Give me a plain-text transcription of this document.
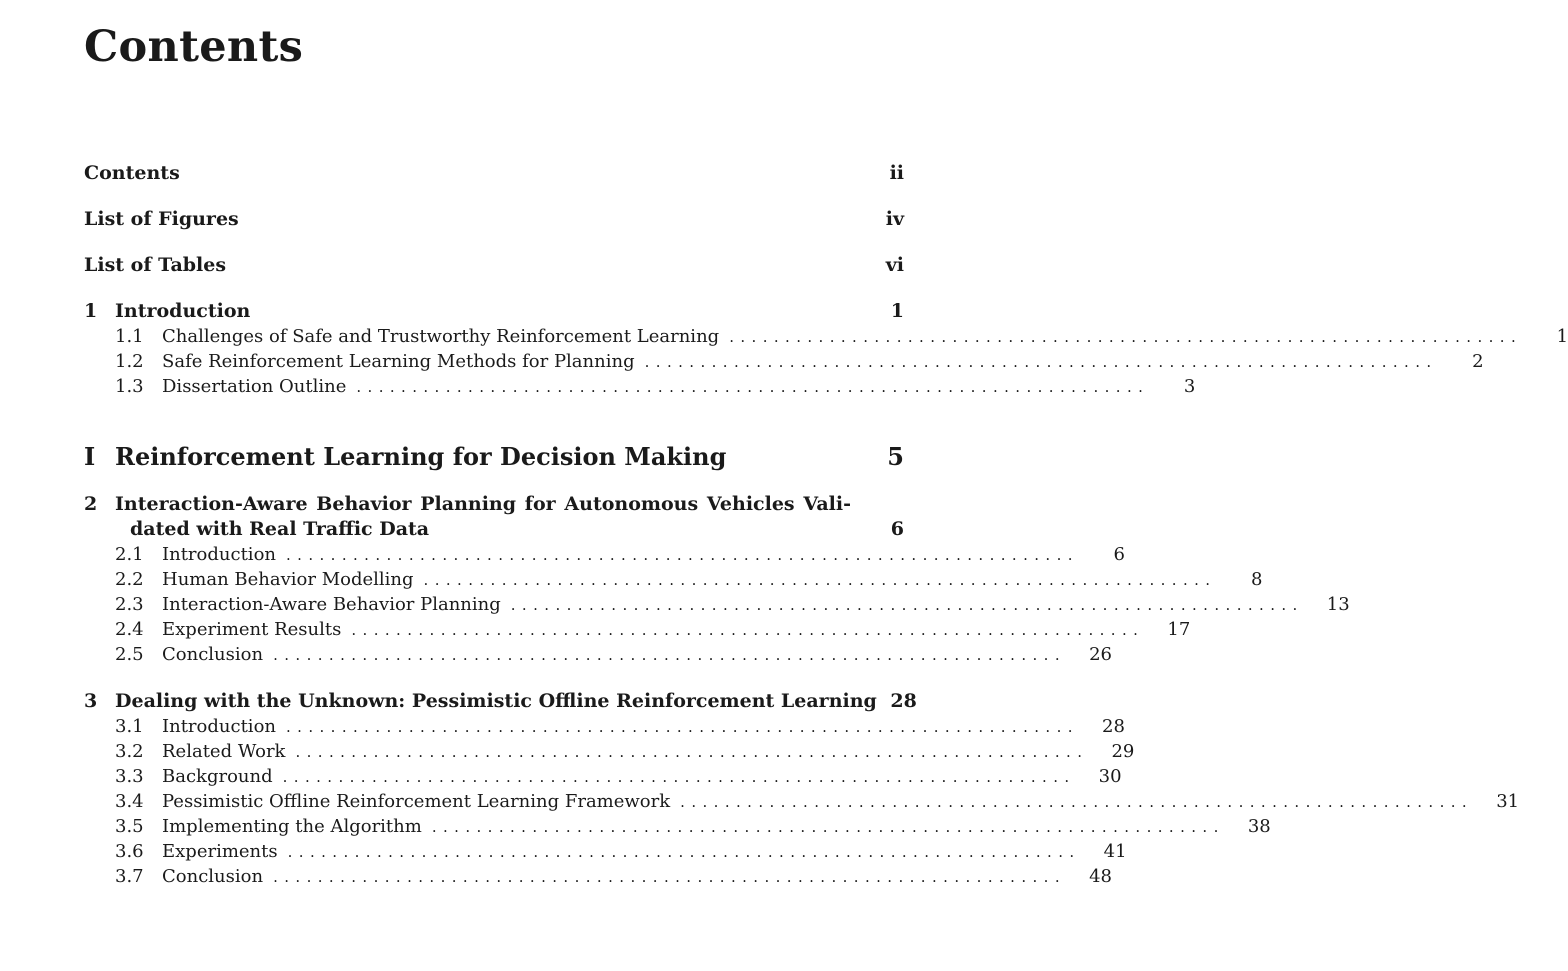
Contents
Contents	ii
List of Figures	iv
List of Tables	vi
1 Introduction	1
1.1	Challenges of Safe and Trustworthy Reinforcement Learning .......................................................................	1
1.2	Safe Reinforcement Learning Methods for Planning .......................................................................	2
1.3	Dissertation Outline .......................................................................	3
I Reinforcement Learning for Decision Making	5
2 Interaction-Aware Behavior Planning for Autonomous Vehicles Vali-
dated with Real Traffic Data	6
2.1	Introduction .......................................................................	6
2.2	Human Behavior Modelling .......................................................................	8
2.3	Interaction-Aware Behavior Planning .......................................................................	13
2.4	Experiment Results .......................................................................	17
2.5	Conclusion .......................................................................	26
3 Dealing with the Unknown: Pessimistic Offline Reinforcement Learning 28
3.1	Introduction .......................................................................	28
3.2	Related Work .......................................................................	29
3.3	Background .......................................................................	30
3.4	Pessimistic Offline Reinforcement Learning Framework .......................................................................	31
3.5	Implementing the Algorithm .......................................................................	38
3.6	Experiments .......................................................................	41
3.7	Conclusion .......................................................................	48
